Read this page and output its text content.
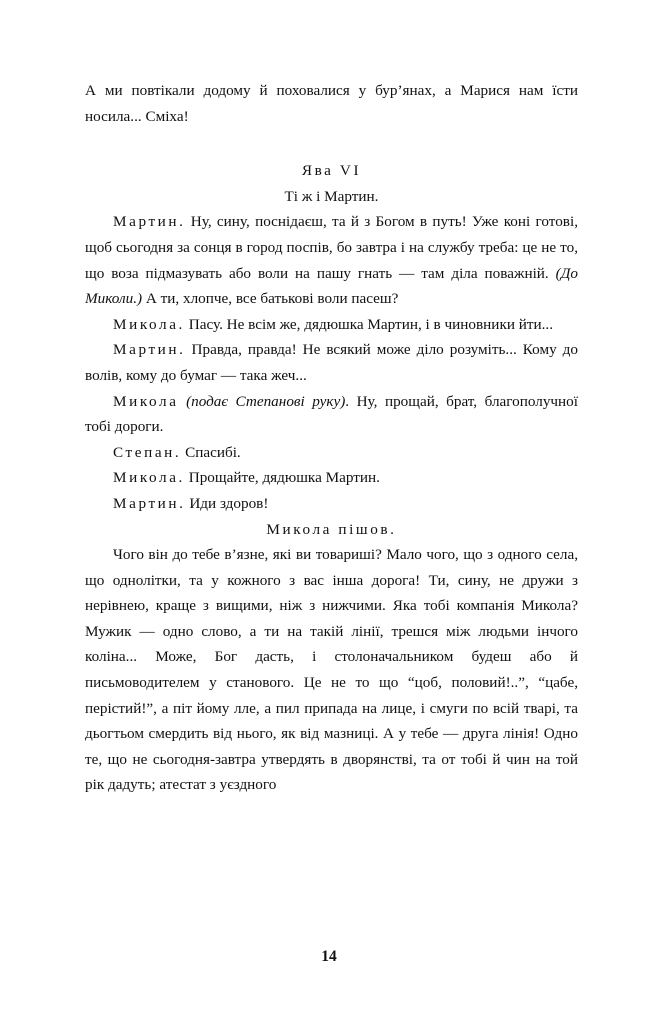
А ми повтікали додому й поховалися у бур’янах, а Марися нам їсти носила... Сміха!

Ява VI

Ті ж і Мартин.

Мартин. Ну, сину, поснідаєш, та й з Богом в путь! Уже коні готові, щоб сьогодня за сонця в город поспів, бо завтра і на службу треба: це не то, що воза підмазувать або воли на пашу гнать — там діла поважній. (До Миколи.) А ти, хлопче, все батькові воли пасеш?

Микола. Пасу. Не всім же, дядюшка Мартин, і в чиновники йти...

Мартин. Правда, правда! Не всякий може діло розуміть... Кому до волів, кому до бумаг — така жеч...

Микола (подає Степанові руку). Ну, прощай, брат, благополучної тобі дороги.

Степан. Спасибі.

Микола. Прощайте, дядюшка Мартин.

Мартин. Иди здоров!

Микола пішов.

Чого він до тебе в’язне, які ви товариші? Мало чого, що з одного села, що однолітки, та у кожного з вас інша дорога! Ти, сину, не дружи з нерівнею, краще з вищими, ніж з нижчими. Яка тобі компанія Микола? Мужик — одно слово, а ти на такій лінії, трешся між людьми інчого коліна... Може, Бог дасть, і столоначальником будеш або й письмоводителем у станового. Це не то що “цоб, половий!..”, “цабе, перістий!”, а піт йому лле, а пил припада на лице, і смуги по всій тварі, та дьогтьом смердить від нього, як від мазниці. А у тебе — друга лінія! Одно те, що не сьогодня-завтра утвердять в дворянстві, та от тобі й чин на той рік дадуть; атестат з уєздного

14
